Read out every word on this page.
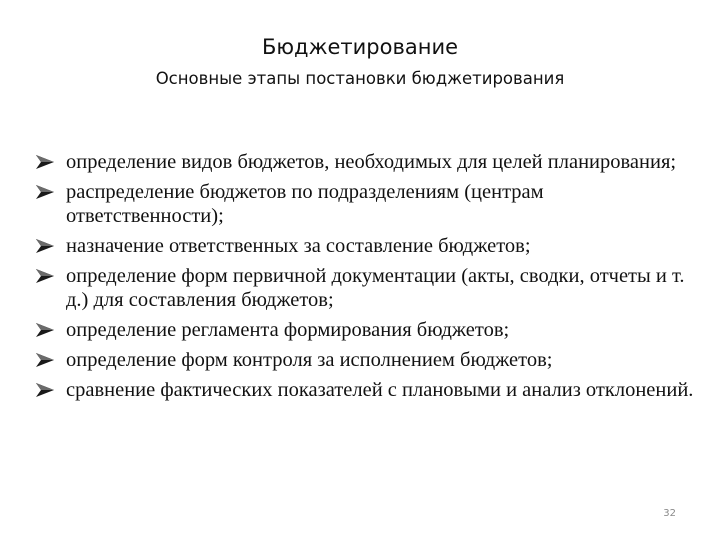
Бюджетирование
Основные этапы постановки бюджетирования
определение видов бюджетов, необходимых для целей планирования;
распределение бюджетов по подразделениям (центрам ответственности);
назначение ответственных за составление бюджетов;
определение форм первичной документации (акты, сводки, отчеты и т. д.) для составления бюджетов;
определение регламента формирования бюджетов;
определение форм контроля за исполнением бюджетов;
сравнение фактических показателей с плановыми и анализ отклонений.
32
